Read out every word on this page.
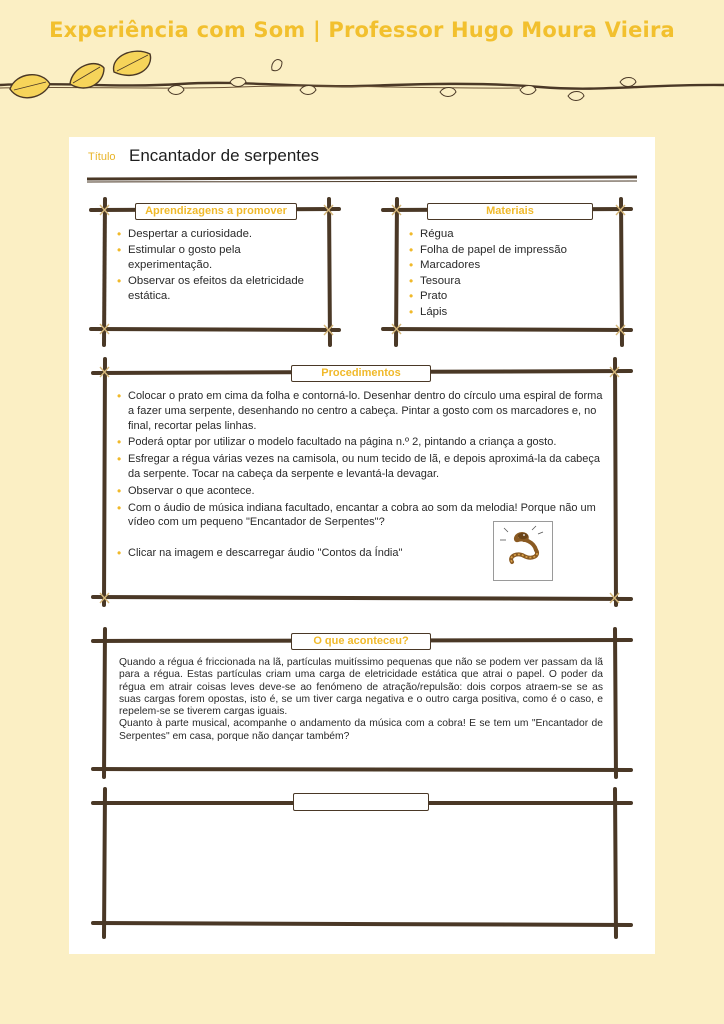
Experiência com Som | Professor Hugo Moura Vieira
Título Encantador de serpentes
Aprendizagens a promover
• Despertar a curiosidade.
• Estimular o gosto pela experimentação.
• Observar os efeitos da eletricidade estática.
Materiais
• Régua
• Folha de papel de impressão
• Marcadores
• Tesoura
• Prato
• Lápis
Procedimentos
• Colocar o prato em cima da folha e contorná-lo. Desenhar dentro do círculo uma espiral de forma a fazer uma serpente, desenhando no centro a cabeça. Pintar a gosto com os marcadores e, no final, recortar pelas linhas.
• Poderá optar por utilizar o modelo facultado na página n.º 2, pintando a criança a gosto.
• Esfregar a régua várias vezes na camisola, ou num tecido de lã, e depois aproximá-la da cabeça da serpente. Tocar na cabeça da serpente e levantá-la devagar.
• Observar o que acontece.
• Com o áudio de música indiana facultado, encantar a cobra ao som da melodia! Porque não um vídeo com um pequeno "Encantador de Serpentes"?
• Clicar na imagem e descarregar áudio "Contos da Índia"
O que aconteceu?
Quando a régua é friccionada na lã, partículas muitíssimo pequenas que não se podem ver passam da lã para a régua. Estas partículas criam uma carga de eletricidade estática que atrai o papel. O poder da régua em atrair coisas leves deve-se ao fenómeno de atração/repulsão: dois corpos atraem-se se as suas cargas forem opostas, isto é, se um tiver carga negativa e o outro carga positiva, como é o caso, e repelem-se se tiverem cargas iguais.
Quanto à parte musical, acompanhe o andamento da música com a cobra! E se tem um "Encantador de Serpentes" em casa, porque não dançar também?
